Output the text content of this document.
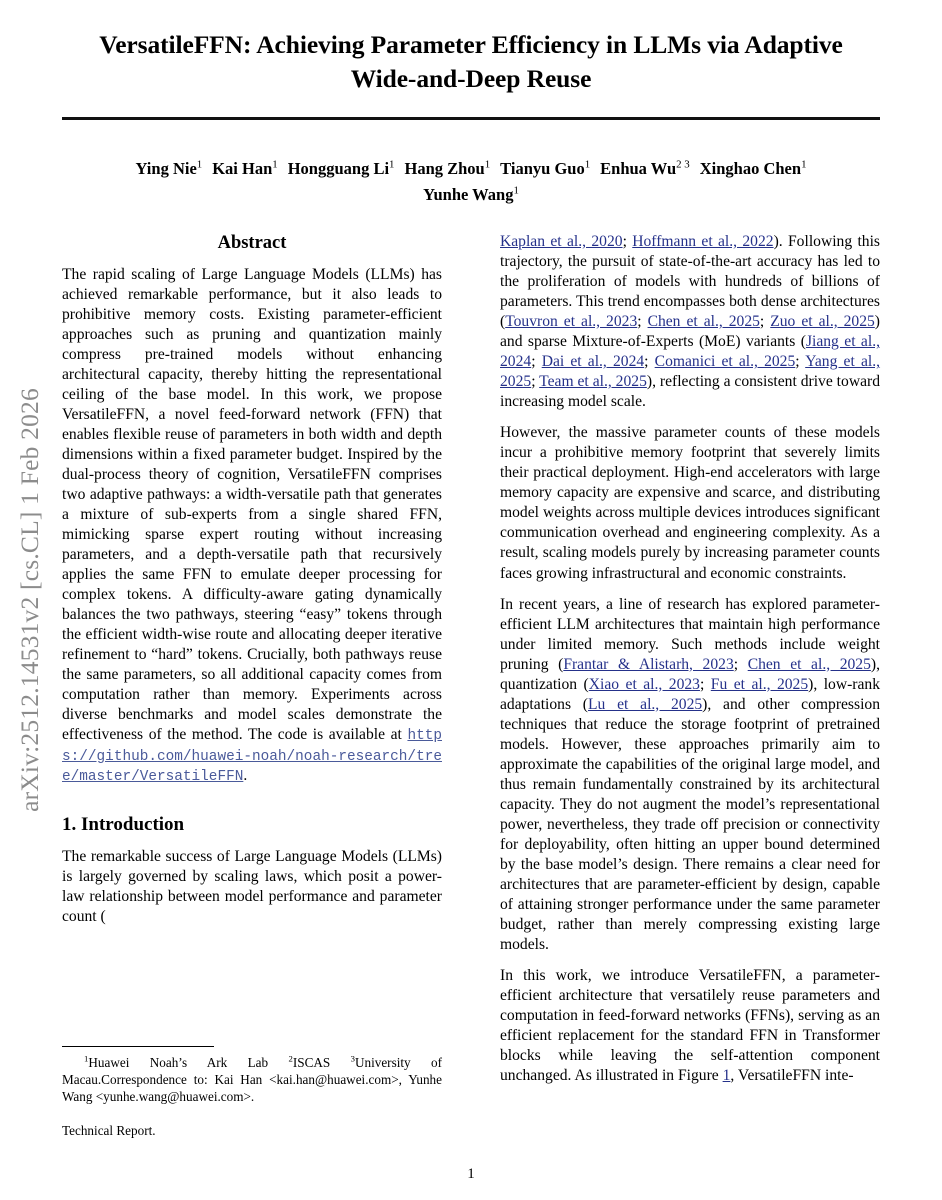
arXiv:2512.14531v2 [cs.CL] 1 Feb 2026
VersatileFFN: Achieving Parameter Efficiency in LLMs via Adaptive
Wide-and-Deep Reuse
Ying Nie$^1$ Kai Han$^1$ Hongguang Li$^1$ Hang Zhou$^1$ Tianyu Guo$^1$ Enhua $Wu^{2 3}$ Xinghao Chen$^1$
Yunhe Wang$^1$
Abstract

The rapid scaling of Large Language Models (LLMs) has achieved remarkable performance, but it also leads to prohibitive memory costs. Existing parameter-efficient approaches such as pruning and quantization mainly compress pre-trained models without enhancing architectural capacity, thereby hitting the representational ceiling of the base model. In this work, we propose VersatileFFN, a novel feed-forward network (FFN) that enables flexible reuse of parameters in both width and depth dimensions within a fixed parameter budget. Inspired by the dual-process theory of cognition, VersatileFFN comprises two adaptive pathways: a width-versatile path that generates a mixture of sub-experts from a single shared FFN, mimicking sparse expert routing without increasing parameters, and a depth-versatile path that recursively applies the same FFN to emulate deeper processing for complex tokens. A difficulty-aware gating dynamically balances the two pathways, steering “easy” tokens through the efficient width-wise route and allocating deeper iterative refinement to “hard” tokens. Crucially, both pathways reuse the same parameters, so all additional capacity comes from computation rather than memory. Experiments across diverse benchmarks and model scales demonstrate the effectiveness of the method. The code is available at https://github.com/huawei-noah/noah-research/tree/master/VersatileFFN.

1. Introduction

The remarkable success of Large Language Models (LLMs) is largely governed by scaling laws, which posit a power-law relationship between model performance and parameter count (

Kaplan et al., 2020; Hoffmann et al., 2022). Following this trajectory, the pursuit of state-of-the-art accuracy has led to the proliferation of models with hundreds of billions of parameters. This trend encompasses both dense architectures (Touvron et al., 2023; Chen et al., 2025; Zuo et al., 2025) and sparse Mixture-of-Experts (MoE) variants (Jiang et al., 2024; Dai et al., 2024; Comanici et al., 2025; Yang et al., 2025; Team et al., 2025), reflecting a consistent drive toward increasing model scale.

However, the massive parameter counts of these models incur a prohibitive memory footprint that severely limits their practical deployment. High-end accelerators with large memory capacity are expensive and scarce, and distributing model weights across multiple devices introduces significant communication overhead and engineering complexity. As a result, scaling models purely by increasing parameter counts faces growing infrastructural and economic constraints.

In recent years, a line of research has explored parameter-efficient LLM architectures that maintain high performance under limited memory. Such methods include weight pruning (Frantar & Alistarh, 2023; Chen et al., 2025), quantization (Xiao et al., 2023; Fu et al., 2025), low-rank adaptations (Lu et al., 2025), and other compression techniques that reduce the storage footprint of pretrained models. However, these approaches primarily aim to approximate the capabilities of the original large model, and thus remain fundamentally constrained by its architectural capacity. They do not augment the model’s representational power, nevertheless, they trade off precision or connectivity for deployability, often hitting an upper bound determined by the base model’s design. There remains a clear need for architectures that are parameter-efficient by design, capable of attaining stronger performance under the same parameter budget, rather than merely compressing existing large models.

In this work, we introduce VersatileFFN, a parameter-efficient architecture that versatilely reuse parameters and computation in feed-forward networks (FFNs), serving as an efficient replacement for the standard FFN in Transformer blocks while leaving the self-attention component unchanged. As illustrated in Figure 1, VersatileFFN inte-

$^1$Huawei Noah’s Ark Lab $^2$ISCAS $^3$University of Macau.Correspondence to: Kai Han <kai.han@huawei.com>, Yunhe Wang <yunhe.wang@huawei.com>.

Technical Report.

1
